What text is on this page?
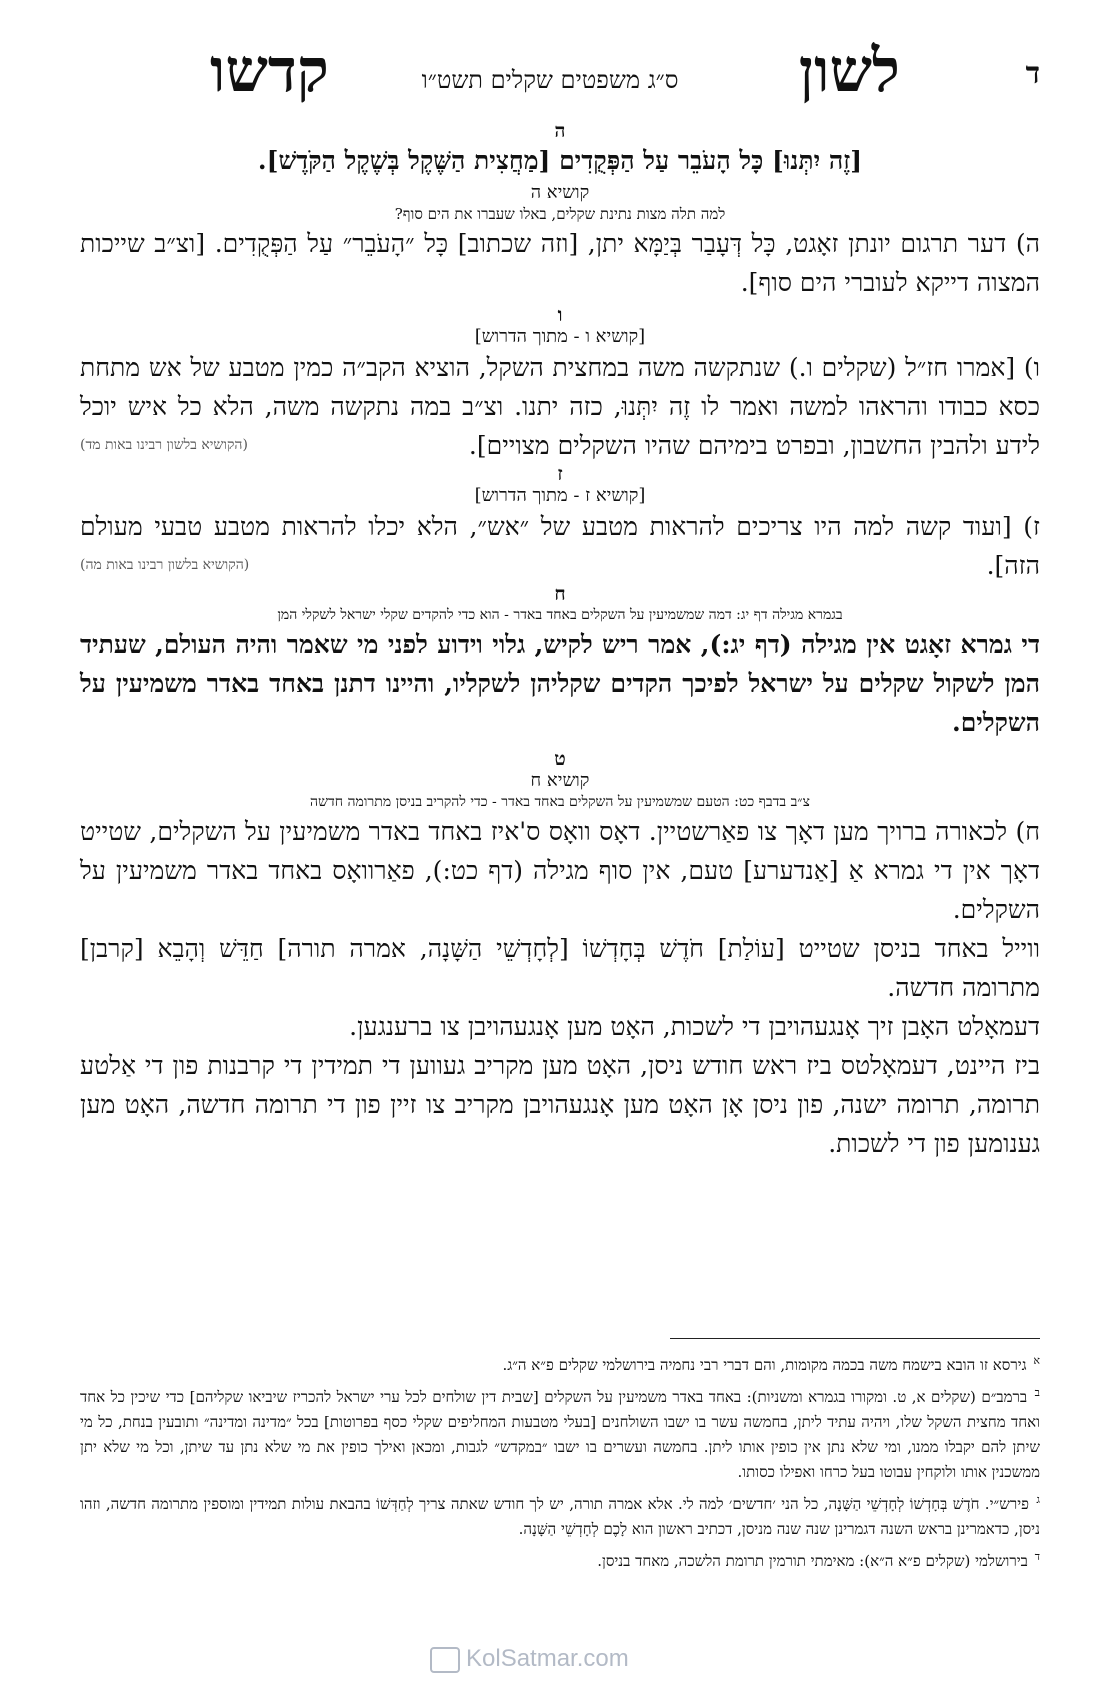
ד
לשון
ס״ג משפטים שקלים תשט״ו
קדשו
ה
[זֶה יִתְּנוּ] כָּל הָעֹבֵר עַל הַפְּקֻדִים [מַחֲצִית הַשֶּׁקֶל בְּשֶׁקֶל הַקֹּדֶשׁ].
קושיא ה
למה תלה מצות נתינת שקלים, באלו שעברו את הים סוף?

ה) דער תרגום יונתן זאָגט, כָּל דְּעָבַר בְּיַמָּא יתן, [וזה שכתוב] כָּל ״הָעֹבֵר״ עַל הַפְּקֻדִים. [וצ״ב שייכות המצוה דייקא לעוברי הים סוף].

ו
[קושיא ו - מתוך הדרוש]

ו) [אמרו חז״ל (שקלים ו.) שנתקשה משה במחצית השקל, הוציא הקב״ה כמין מטבע של אש מתחת כסא כבודו והראהו למשה ואמר לו זֶה יִתְּנוּ, כזה יתנו. וצ״ב במה נתקשה משה, הלא כל איש יוכל לידע ולהבין החשבון, ובפרט בימיהם שהיו השקלים מצויים].

(הקושיא בלשון רבינו באות מד)
ז
[קושיא ז - מתוך הדרוש]

ז) [ועוד קשה למה היו צריכים להראות מטבע של ״אש״, הלא יכלו להראות מטבע טבעי מעולם הזה].

(הקושיא בלשון רבינו באות מה)
ח
בגמרא מגילה דף יג: דמה שמשמיעין על השקלים באחד באדר - הוא כדי להקדים שקלי ישראל לשקלי המן

די גמרא זאָגט אין מגילה (דף יג:), אמר ריש לקיש, גלוי וידוע לפני מי שאמר והיה העולם, שעתיד המן לשקול שקלים על ישראל לפיכך הקדים שקליהן לשקליו, והיינו דתנן באחד באדר משמיעין על השקלים.

ט
קושיא ח
צ״ב בדבף כט: הטעם שמשמיעין על השקלים באחד באדר - כדי להקריב בניסן מתרומה חדשה

ח) לכאורה ברויך מען דאָך צו פאַרשטיין. דאָס וואָס ס'איז באחד באדר משמיעין על השקלים, שטייט דאָך אין די גמרא אַ [אַנדערע] טעם, אין סוף מגילה (דף כט:), פאַרוואָס באחד באדר משמיעין על השקלים.

ווייל באחד בניסן שטייט [עוֹלַת] חֹדֶשׁ בְּחָדְשׁוֹ [לְחָדְשֵׁי הַשָּׁנָה, אמרה תורה] חַדֵּשׁ וְהָבֵא [קרבן] מתרומה חדשה.

דעמאָלט האָבן זיך אָנגעהויבן די לשכות, האָט מען אָנגעהויבן צו ברענגען.

ביז היינט, דעמאָלטס ביז ראש חודש ניסן, האָט מען מקריב געווען די תמידין די קרבנות פון די אַלטע תרומה, תרומה ישנה, פון ניסן אָן האָט מען אָנגעהויבן מקריב צו זיין פון די תרומה חדשה, האָט מען גענומען פון די לשכות.

$^א$ גירסא זו הובא בישמח משה בכמה מקומות, והם דברי רבי נחמיה בירושלמי שקלים פ״א ה״ג.

$^ב$ ברמב״ם (שקלים א, ט. ומקורו בגמרא ומשניות): באחד באדר משמיעין על השקלים [שבית דין שולחים לכל ערי ישראל להכריז שיביאו שקליהם] כדי שיכין כל אחד ואחד מחצית השקל שלו, ויהיה עתיד ליתן, בחמשה עשר בו ישבו השולחנים [בעלי מטבעות המחליפים שקלי כסף בפרוטות] בכל ״מדינה ומדינה״ ותובעין בנחת, כל מי שיתן להם יקבלו ממנו, ומי שלא נתן אין כופין אותו ליתן. בחמשה ועשרים בו ישבו ״במקדש״ לגבות, ומכאן ואילך כופין את מי שלא נתן עד שיתן, וכל מי שלא יתן ממשכנין אותו ולוקחין עבוטו בעל כרחו ואפילו כסותו.

$^ג$ פירש״י. חֹדֶשׁ בְּחָדְשׁוֹ לְחָדְשֵׁי הַשָּׁנָה, כל הני ׳חדשים׳ למה לי. אלא אמרה תורה, יש לך חודש שאתה צריך לְחַדְּשׁוֹ בהבאת עולות תמידין ומוספין מתרומה חדשה, וזהו ניסן, כדאמרינן בראש השנה דגמרינן שנה שנה מניסן, דכתיב ראשון הוא לָכֶם לְחָדְשֵׁי הַשָּׁנָה.

$^ד$ בירושלמי (שקלים פ״א ה״א): מאימתי תורמין תרומת הלשכה, מאחד בניסן.

KolSatmar.com
